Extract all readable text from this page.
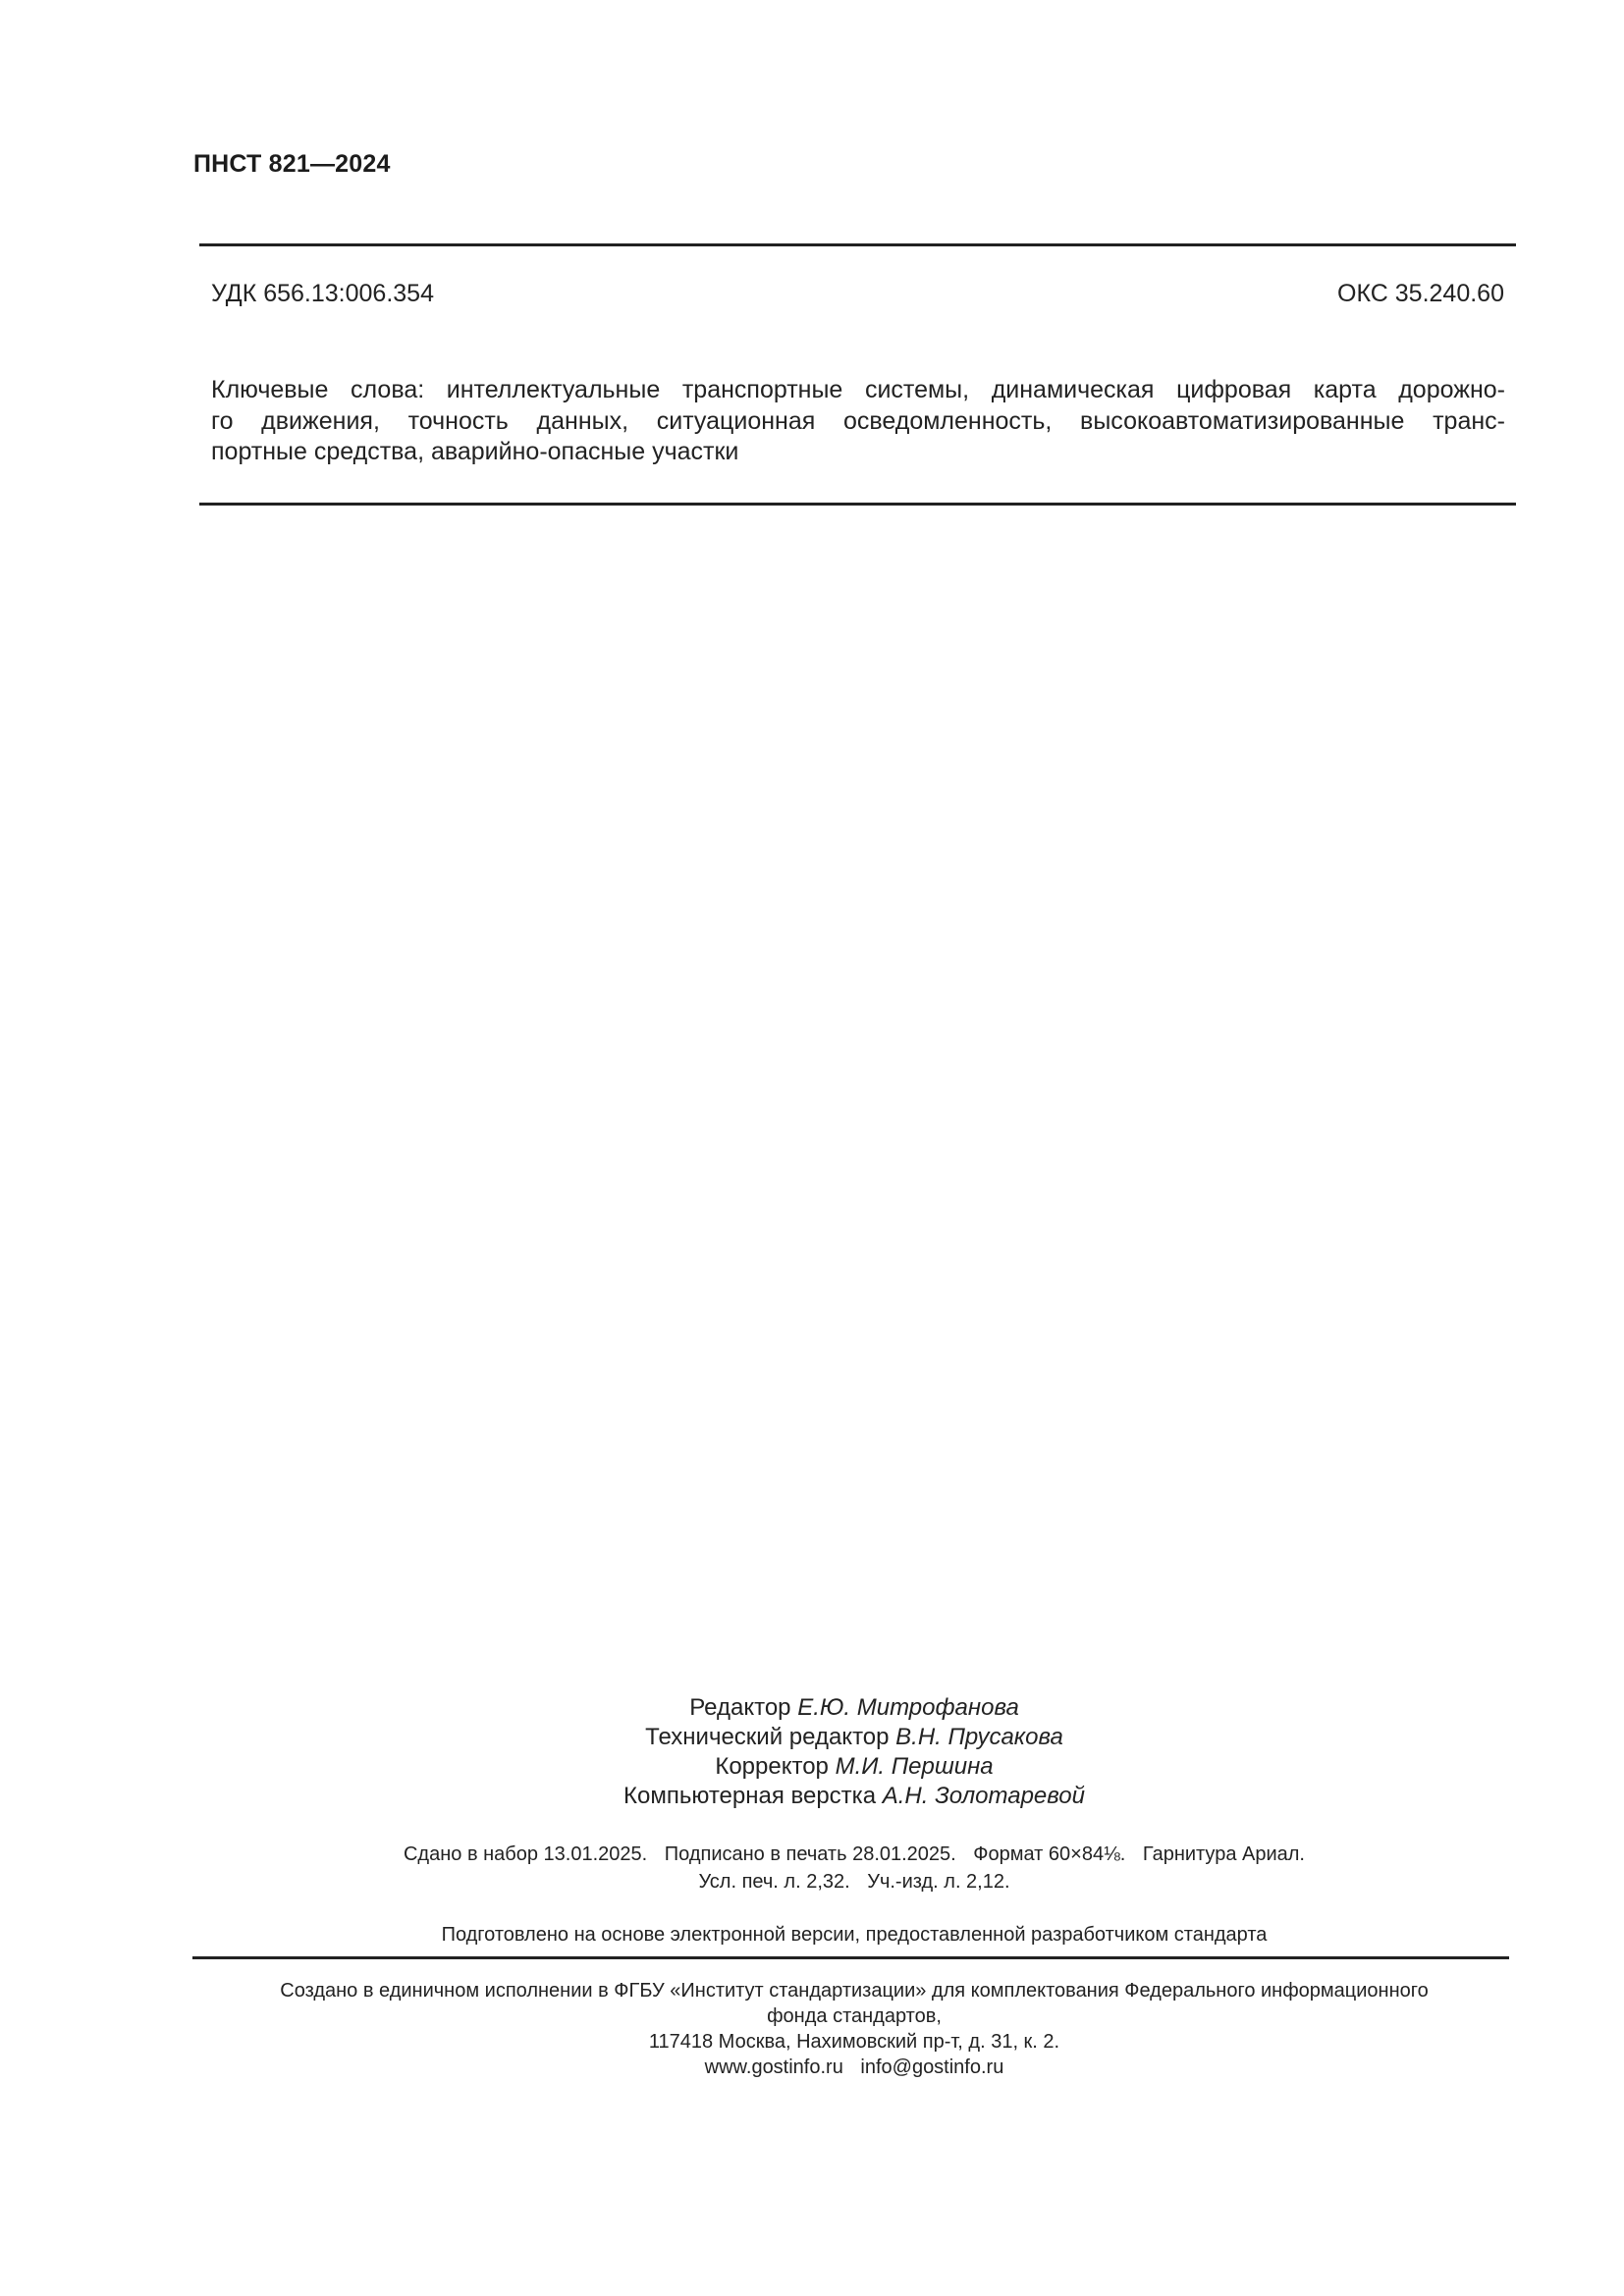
ПНСТ 821—2024
УДК 656.13:006.354	ОКС 35.240.60
Ключевые слова: интеллектуальные транспортные системы, динамическая цифровая карта дорожно-
го движения, точность данных, ситуационная осведомленность, высокоавтоматизированные транс-
портные средства, аварийно-опасные участки
Редактор Е.Ю. Митрофанова
Технический редактор В.Н. Прусакова
Корректор М.И. Першина
Компьютерная верстка А.Н. Золотаревой
Сдано в набор 13.01.2025. Подписано в печать 28.01.2025. Формат 60×84⅛. Гарнитура Ариал.
Усл. печ. л. 2,32. Уч.-изд. л. 2,12.
Подготовлено на основе электронной версии, предоставленной разработчиком стандарта
Создано в единичном исполнении в ФГБУ «Институт стандартизации» для комплектования Федерального информационного
фонда стандартов,
117418 Москва, Нахимовский пр-т, д. 31, к. 2.
www.gostinfo.ru info@gostinfo.ru
